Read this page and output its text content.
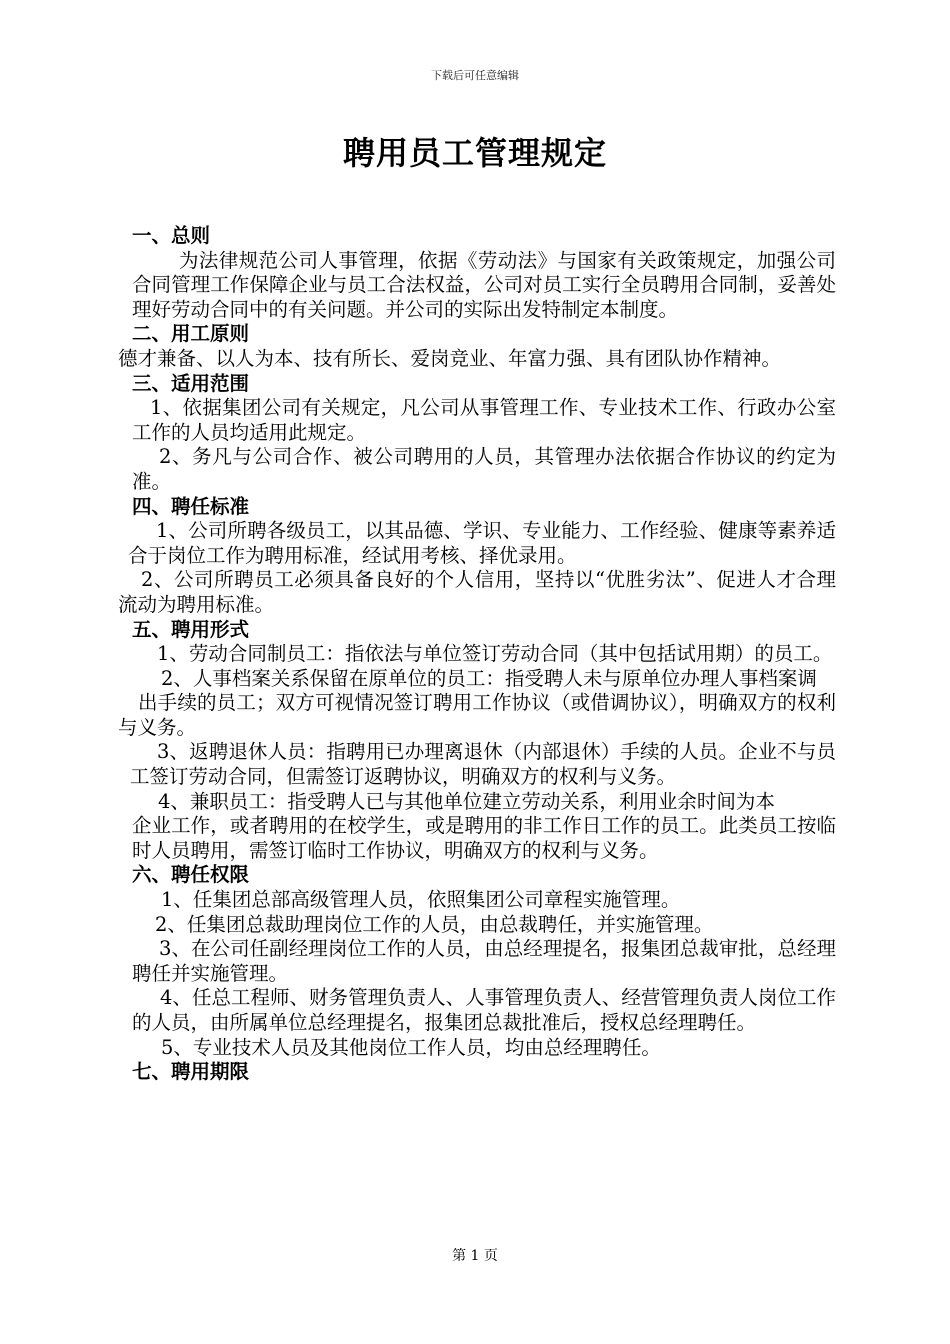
下载后可任意编辑
聘用员工管理规定

一、总则

为法律规范公司人事管理，依据《劳动法》与国家有关政策规定，加强公司合同管理工作保障企业与员工合法权益，公司对员工实行全员聘用合同制，妥善处理好劳动合同中的有关问题。并公司的实际出发特制定本制度。

二、用工原则

德才兼备、以人为本、技有所长、爱岗竞业、年富力强、具有团队协作精神。

三、适用范围

1、依据集团公司有关规定，凡公司从事管理工作、专业技术工作、行政办公室工作的人员均适用此规定。

2、务凡与公司合作、被公司聘用的人员，其管理办法依据合作协议的约定为准。

四、聘任标准

1、公司所聘各级员工，以其品德、学识、专业能力、工作经验、健康等素养适合于岗位工作为聘用标准，经试用考核、择优录用。

2、公司所聘员工必须具备良好的个人信用，坚持以“优胜劣汰”、促进人才合理流动为聘用标准。

五、聘用形式

1、劳动合同制员工：指依法与单位签订劳动合同（其中包括试用期）的员工。

2、人事档案关系保留在原单位的员工：指受聘人未与原单位办理人事档案调

出手续的员工；双方可视情况签订聘用工作协议（或借调协议），明确双方的权利与义务。

3、返聘退休人员：指聘用已办理离退休（内部退休）手续的人员。企业不与员工签订劳动合同，但需签订返聘协议，明确双方的权利与义务。

4、兼职员工：指受聘人已与其他单位建立劳动关系，利用业余时间为本

企业工作，或者聘用的在校学生，或是聘用的非工作日工作的员工。此类员工按临时人员聘用，需签订临时工作协议，明确双方的权利与义务。

六、聘任权限

1、任集团总部高级管理人员，依照集团公司章程实施管理。

2、任集团总裁助理岗位工作的人员，由总裁聘任，并实施管理。

3、在公司任副经理岗位工作的人员，由总经理提名，报集团总裁审批，总经理聘任并实施管理。

4、任总工程师、财务管理负责人、人事管理负责人、经营管理负责人岗位工作的人员，由所属单位总经理提名，报集团总裁批准后，授权总经理聘任。

5、专业技术人员及其他岗位工作人员，均由总经理聘任。

七、聘用期限

第 1 页
